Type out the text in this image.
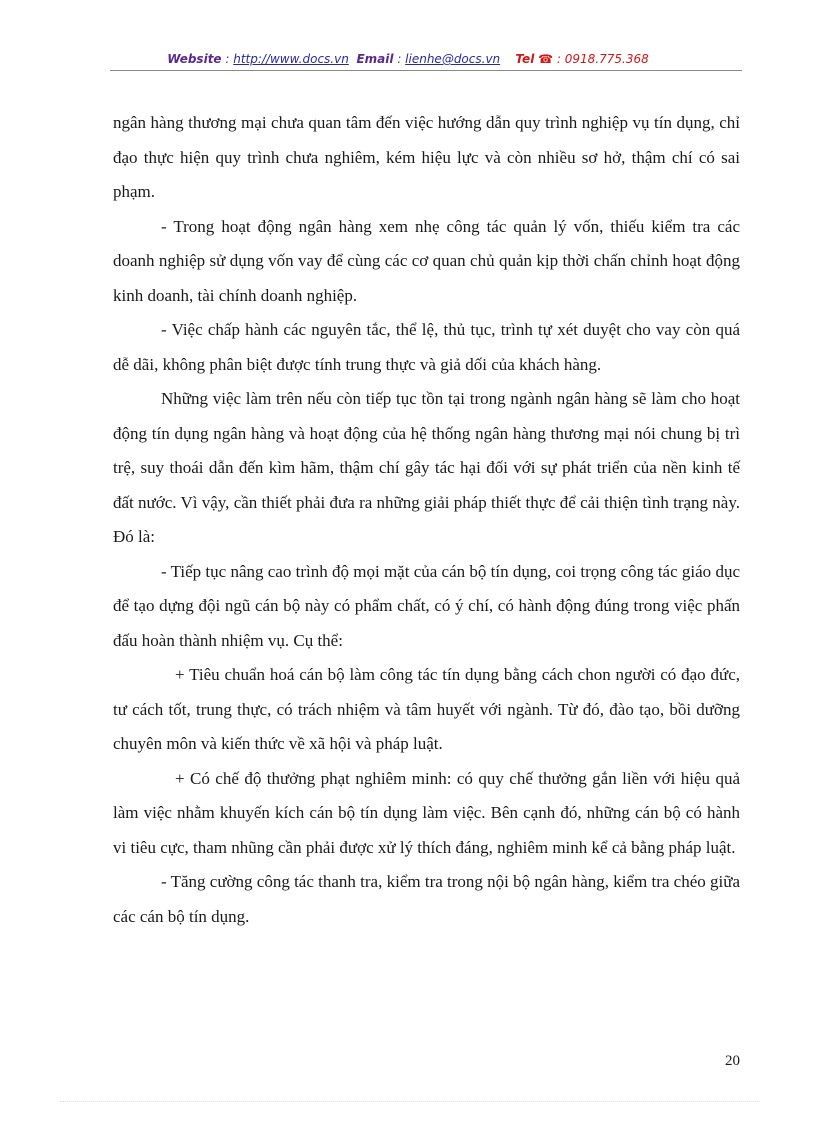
Website : http://www.docs.vn Email : lienhe@docs.vn Tel ☎ : 0918.775.368

ngân hàng thương mại chưa quan tâm đến việc hướng dẫn quy trình nghiệp vụ tín dụng, chỉ đạo thực hiện quy trình chưa nghiêm, kém hiệu lực và còn nhiều sơ hở, thậm chí có sai phạm.

- Trong hoạt động ngân hàng xem nhẹ công tác quản lý vốn, thiếu kiểm tra các doanh nghiệp sử dụng vốn vay để cùng các cơ quan chủ quản kịp thời chấn chỉnh hoạt động kinh doanh, tài chính doanh nghiệp.

- Việc chấp hành các nguyên tắc, thể lệ, thủ tục, trình tự xét duyệt cho vay còn quá dễ dãi, không phân biệt được tính trung thực và giả dối của khách hàng.

Những việc làm trên nếu còn tiếp tục tồn tại trong ngành ngân hàng sẽ làm cho hoạt động tín dụng ngân hàng và hoạt động của hệ thống ngân hàng thương mại nói chung bị trì trệ, suy thoái dẫn đến kìm hãm, thậm chí gây tác hại đối với sự phát triển của nền kinh tế đất nước. Vì vậy, cần thiết phải đưa ra những giải pháp thiết thực để cải thiện tình trạng này. Đó là:

- Tiếp tục nâng cao trình độ mọi mặt của cán bộ tín dụng, coi trọng công tác giáo dục để tạo dựng đội ngũ cán bộ này có phẩm chất, có ý chí, có hành động đúng trong việc phấn đấu hoàn thành nhiệm vụ. Cụ thể:

+ Tiêu chuẩn hoá cán bộ làm công tác tín dụng bằng cách chon người có đạo đức, tư cách tốt, trung thực, có trách nhiệm và tâm huyết với ngành. Từ đó, đào tạo, bồi dưỡng chuyên môn và kiến thức về xã hội và pháp luật.

+ Có chế độ thưởng phạt nghiêm minh: có quy chế thưởng gắn liền với hiệu quả làm việc nhằm khuyến kích cán bộ tín dụng làm việc. Bên cạnh đó, những cán bộ có hành vi tiêu cực, tham nhũng cần phải được xử lý thích đáng, nghiêm minh kể cả bằng pháp luật.

- Tăng cường công tác thanh tra, kiểm tra trong nội bộ ngân hàng, kiểm tra chéo giữa các cán bộ tín dụng.

20
